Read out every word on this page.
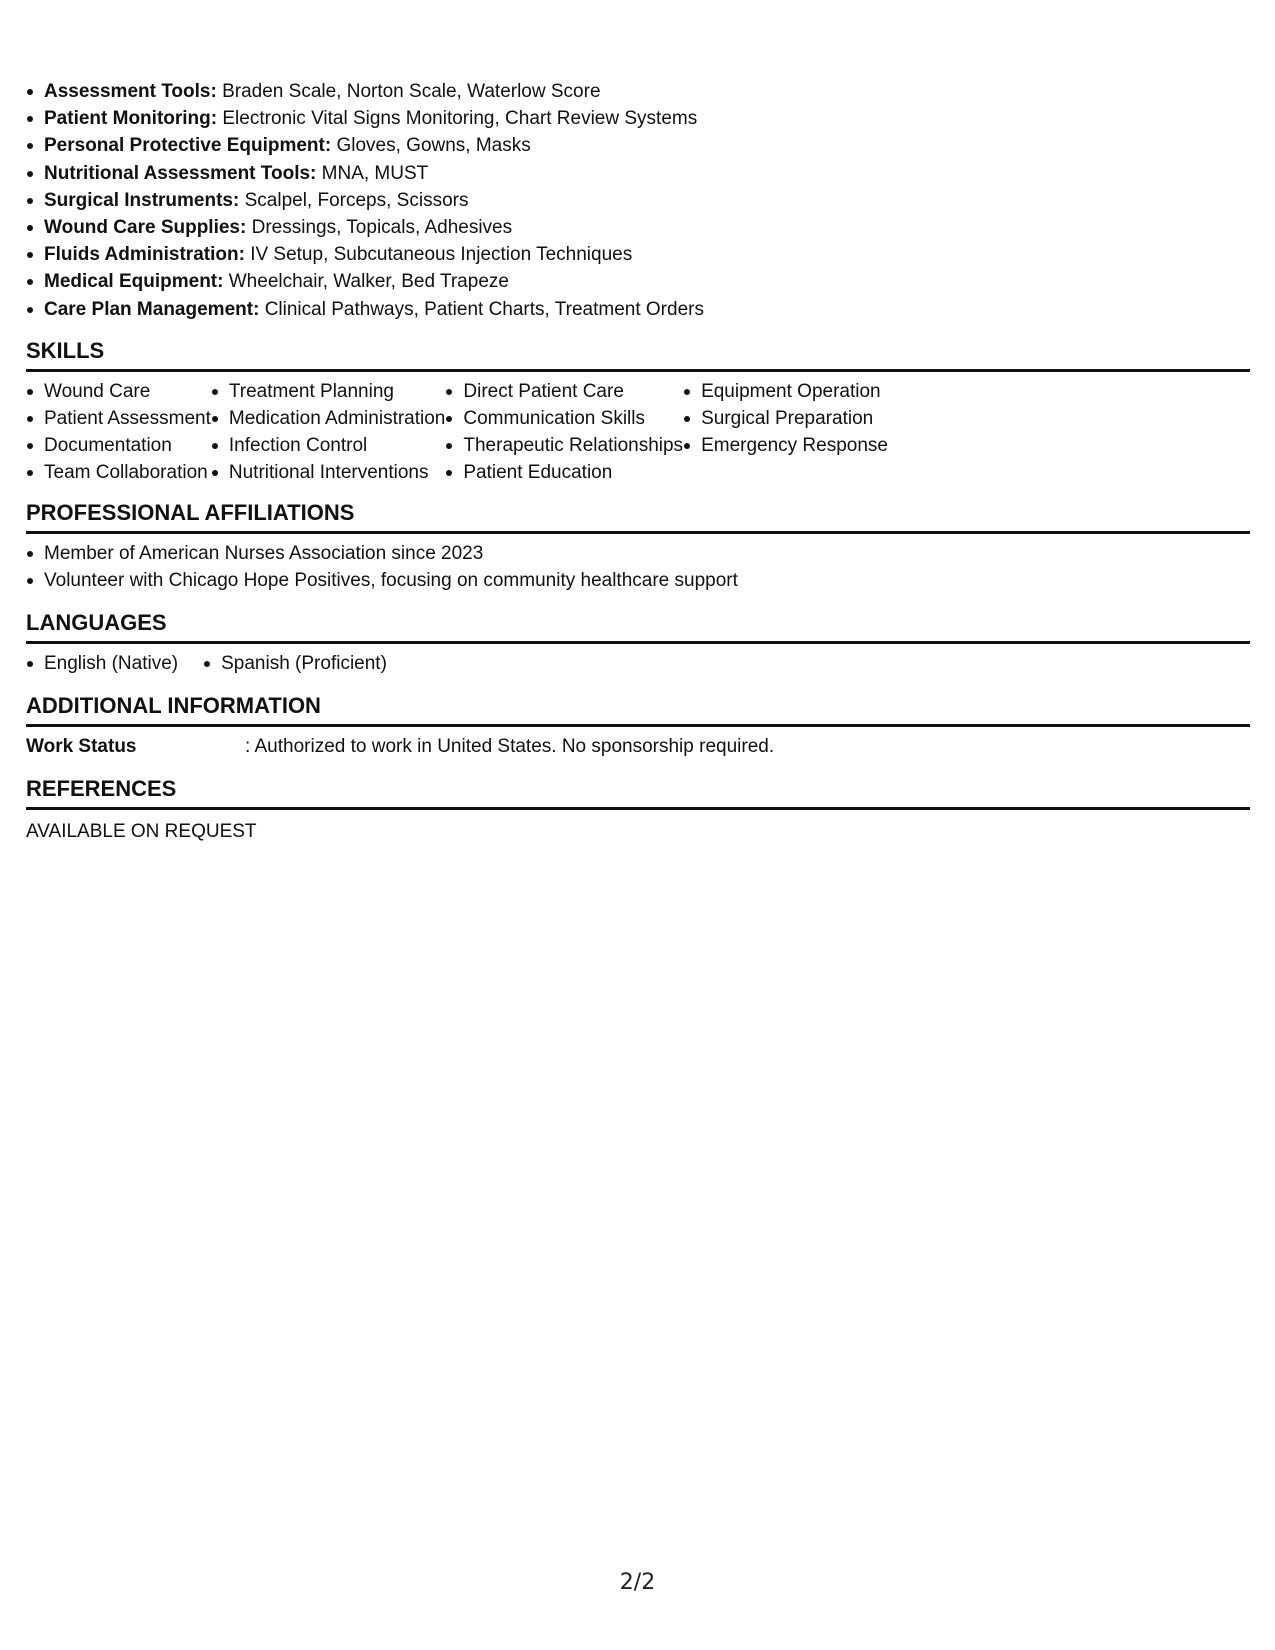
Assessment Tools: Braden Scale, Norton Scale, Waterlow Score
Patient Monitoring: Electronic Vital Signs Monitoring, Chart Review Systems
Personal Protective Equipment: Gloves, Gowns, Masks
Nutritional Assessment Tools: MNA, MUST
Surgical Instruments: Scalpel, Forceps, Scissors
Wound Care Supplies: Dressings, Topicals, Adhesives
Fluids Administration: IV Setup, Subcutaneous Injection Techniques
Medical Equipment: Wheelchair, Walker, Bed Trapeze
Care Plan Management: Clinical Pathways, Patient Charts, Treatment Orders
SKILLS
Wound Care
Patient Assessment
Documentation
Team Collaboration
Treatment Planning
Medication Administration
Infection Control
Nutritional Interventions
Direct Patient Care
Communication Skills
Therapeutic Relationships
Patient Education
Equipment Operation
Surgical Preparation
Emergency Response
PROFESSIONAL AFFILIATIONS
Member of American Nurses Association since 2023
Volunteer with Chicago Hope Positives, focusing on community healthcare support
LANGUAGES
English (Native)	Spanish (Proficient)
ADDITIONAL INFORMATION
Work Status	: Authorized to work in United States. No sponsorship required.
REFERENCES
AVAILABLE ON REQUEST
2/2
